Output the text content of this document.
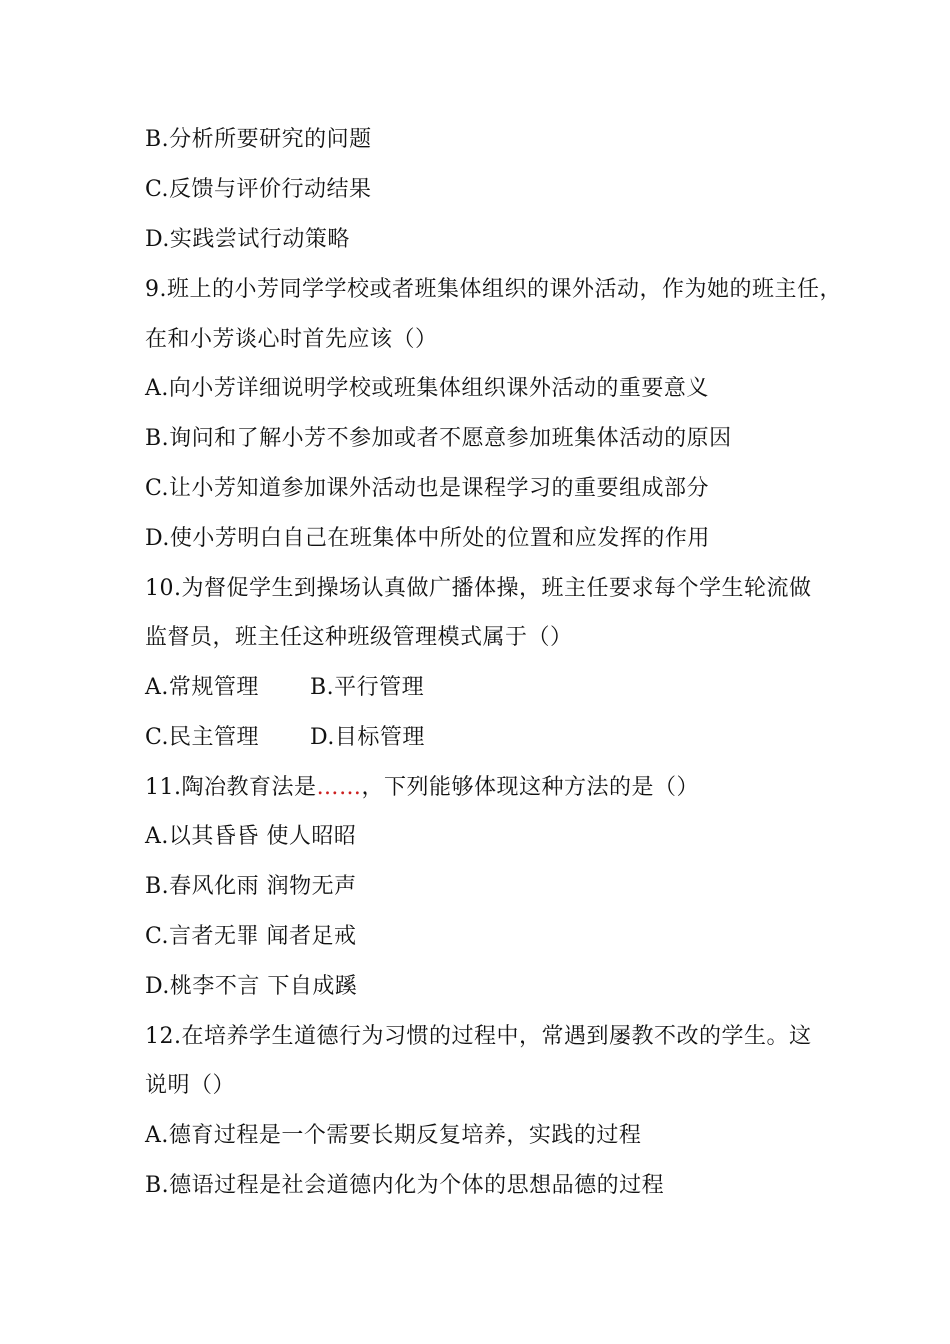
B.分析所要研究的问题
C.反馈与评价行动结果
D.实践尝试行动策略
9.班上的小芳同学学校或者班集体组织的课外活动，作为她的班主任，
在和小芳谈心时首先应该（）
A.向小芳详细说明学校或班集体组织课外活动的重要意义
B.询问和了解小芳不参加或者不愿意参加班集体活动的原因
C.让小芳知道参加课外活动也是课程学习的重要组成部分
D.使小芳明白自己在班集体中所处的位置和应发挥的作用
10.为督促学生到操场认真做广播体操，班主任要求每个学生轮流做
监督员，班主任这种班级管理模式属于（）
A.常规管理 B.平行管理
C.民主管理 D.目标管理
11.陶冶教育法是……，下列能够体现这种方法的是（）
A.以其昏昏 使人昭昭
B.春风化雨 润物无声
C.言者无罪 闻者足戒
D.桃李不言 下自成蹊
12.在培养学生道德行为习惯的过程中，常遇到屡教不改的学生。这
说明（）
A.德育过程是一个需要长期反复培养，实践的过程
B.德语过程是社会道德内化为个体的思想品德的过程
